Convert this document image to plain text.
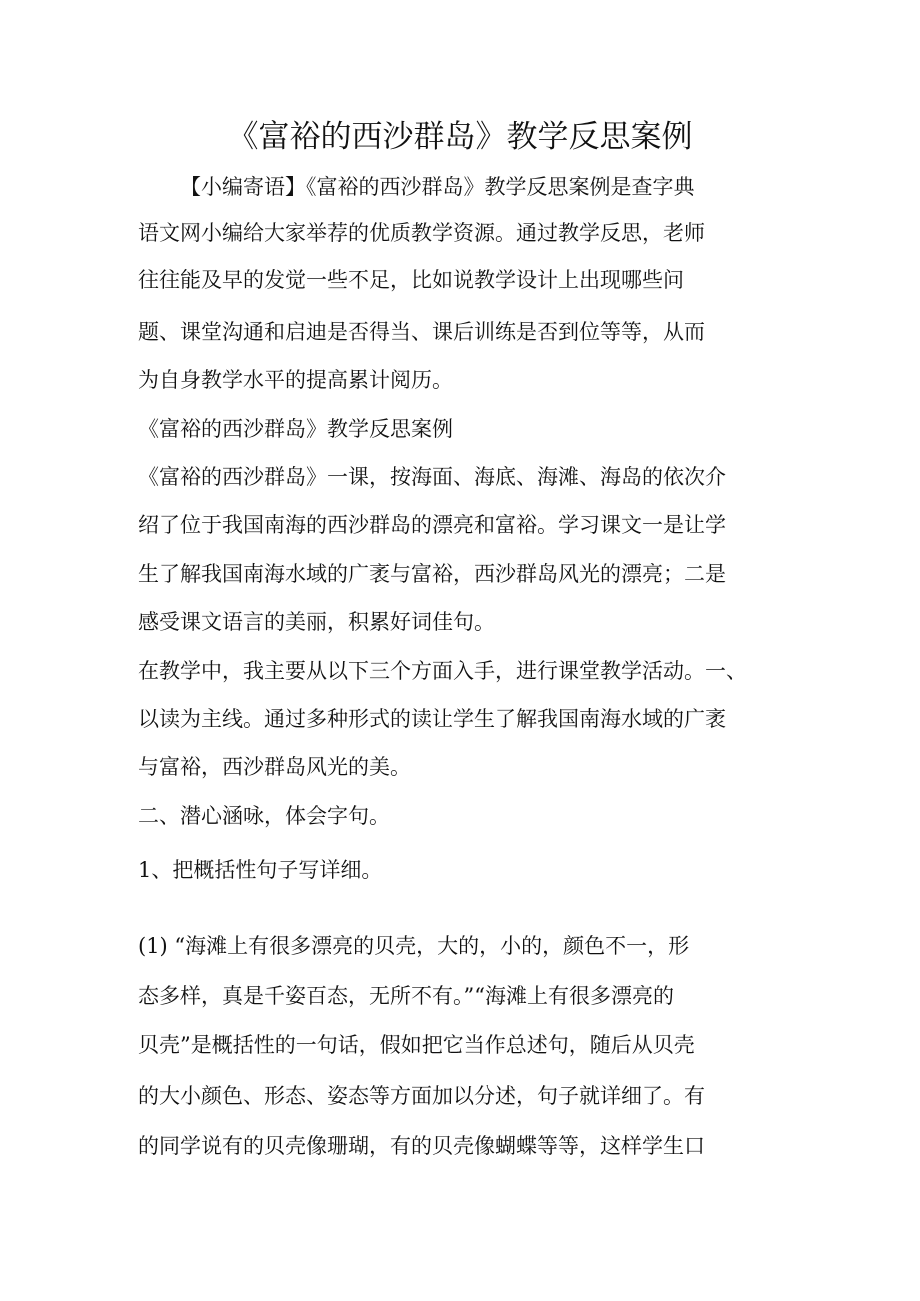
《富裕的西沙群岛》教学反思案例

【小编寄语】《富裕的西沙群岛》教学反思案例是查字典

语文网小编给大家举荐的优质教学资源。通过教学反思，老师

往往能及早的发觉一些不足，比如说教学设计上出现哪些问

题、课堂沟通和启迪是否得当、课后训练是否到位等等，从而

为自身教学水平的提高累计阅历。

《富裕的西沙群岛》教学反思案例

《富裕的西沙群岛》一课，按海面、海底、海滩、海岛的依次介

绍了位于我国南海的西沙群岛的漂亮和富裕。学习课文一是让学

生了解我国南海水域的广袤与富裕，西沙群岛风光的漂亮；二是

感受课文语言的美丽，积累好词佳句。

在教学中，我主要从以下三个方面入手，进行课堂教学活动。一、

以读为主线。通过多种形式的读让学生了解我国南海水域的广袤

与富裕，西沙群岛风光的美。

二、潜心涵咏，体会字句。

1、把概括性句子写详细。

(1) “海滩上有很多漂亮的贝壳，大的，小的，颜色不一，形

态多样，真是千姿百态，无所不有。”“海滩上有很多漂亮的

贝壳”是概括性的一句话，假如把它当作总述句，随后从贝壳

的大小颜色、形态、姿态等方面加以分述，句子就详细了。有

的同学说有的贝壳像珊瑚，有的贝壳像蝴蝶等等，这样学生口
